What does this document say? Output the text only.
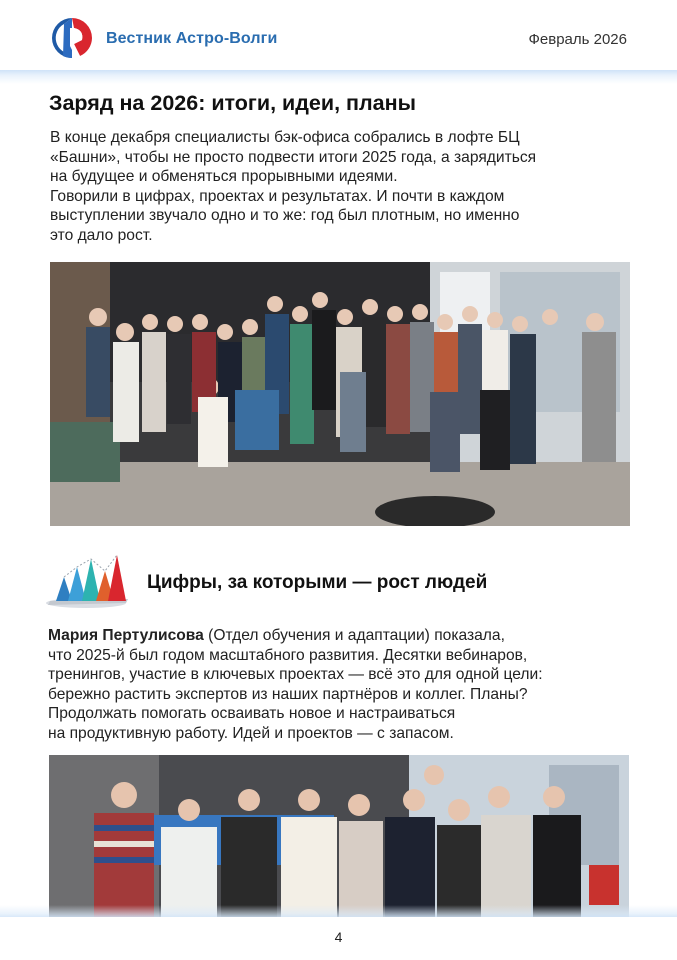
Вестник Астро-Волги	Февраль 2026
Заряд на 2026: итоги, идеи, планы

В конце декабря специалисты бэк-офиса собрались в лофте БЦ

«Башни», чтобы не просто подвести итоги 2025 года, а зарядиться

на будущее и обменяться прорывными идеями.

Говорили в цифрах, проектах и результатах. И почти в каждом

выступлении звучало одно и то же: год был плотным, но именно

это дало рост.

Цифры, за которыми — рост людей

Мария Пертулисова (Отдел обучения и адаптации) показала,

что 2025-й был годом масштабного развития. Десятки вебинаров,

тренингов, участие в ключевых проектах — всё это для одной цели:

бережно растить экспертов из наших партнёров и коллег. Планы?

Продолжать помогать осваивать новое и настраиваться

на продуктивную работу. Идей и проектов — с запасом.

4
